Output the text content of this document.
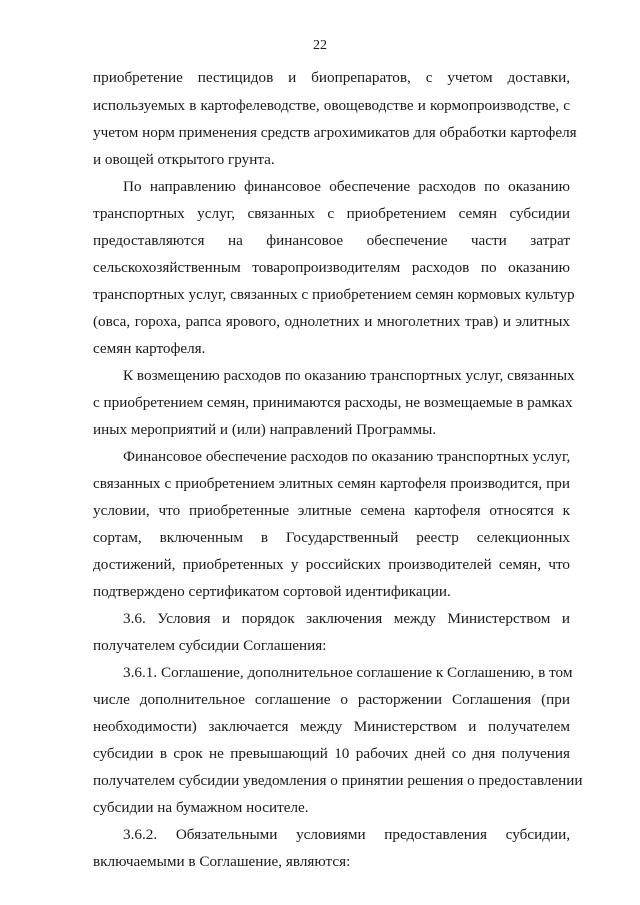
22
приобретение пестицидов и биопрепаратов, с учетом доставки,
используемых в картофелеводстве, овощеводстве и кормопроизводстве, с
учетом норм применения средств агрохимикатов для обработки картофеля
и овощей открытого грунта.
По направлению финансовое обеспечение расходов по оказанию
транспортных услуг, связанных с приобретением семян субсидии
предоставляются на финансовое обеспечение части затрат
сельскохозяйственным товаропроизводителям расходов по оказанию
транспортных услуг, связанных с приобретением семян кормовых культур
(овса, гороха, рапса ярового, однолетних и многолетних трав) и элитных
семян картофеля.
К возмещению расходов по оказанию транспортных услуг, связанных
с приобретением семян, принимаются расходы, не возмещаемые в рамках
иных мероприятий и (или) направлений Программы.
Финансовое обеспечение расходов по оказанию транспортных услуг,
связанных с приобретением элитных семян картофеля производится, при
условии, что приобретенные элитные семена картофеля относятся к
сортам, включенным в Государственный реестр селекционных
достижений, приобретенных у российских производителей семян, что
подтверждено сертификатом сортовой идентификации.
3.6. Условия и порядок заключения между Министерством и
получателем субсидии Соглашения:
3.6.1. Соглашение, дополнительное соглашение к Соглашению, в том
числе дополнительное соглашение о расторжении Соглашения (при
необходимости) заключается между Министерством и получателем
субсидии в срок не превышающий 10 рабочих дней со дня получения
получателем субсидии уведомления о принятии решения о предоставлении
субсидии на бумажном носителе.
3.6.2. Обязательными условиями предоставления субсидии,
включаемыми в Соглашение, являются:
